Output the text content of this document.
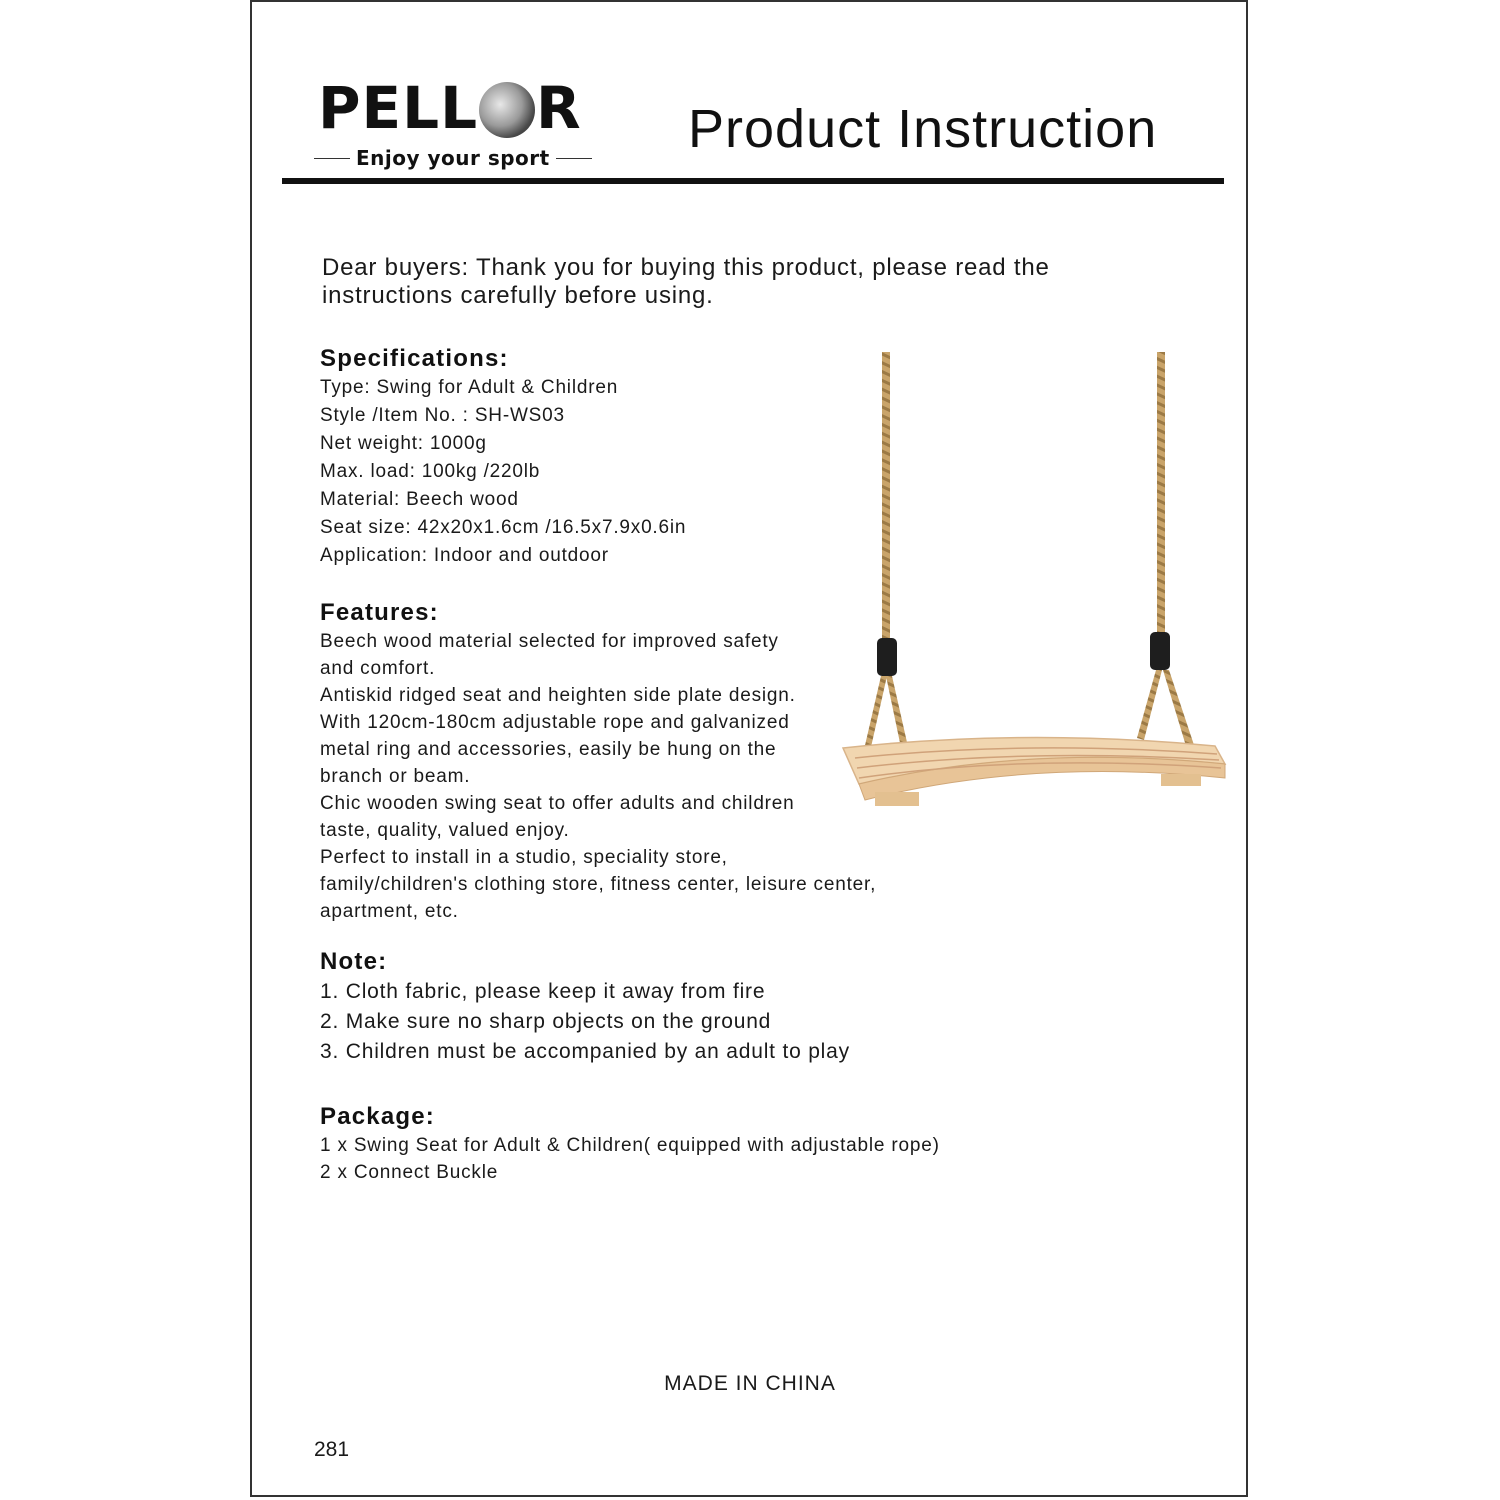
PELL R
Enjoy your sport	Product Instruction
Dear buyers: Thank you for buying this product, please read the instructions carefully before using.
Specifications:
Type: Swing for Adult & Children
Style /Item No. : SH-WS03
Net weight: 1000g
Max. load: 100kg /220lb
Material: Beech wood
Seat size: 42x20x1.6cm /16.5x7.9x0.6in
Application: Indoor and outdoor
Features:
Beech wood material selected for improved safety
and comfort.
Antiskid ridged seat and heighten side plate design.
With 120cm-180cm adjustable rope and galvanized
metal ring and accessories, easily be hung on the
branch or beam.
Chic wooden swing seat to offer adults and children
taste, quality, valued enjoy.
Perfect to install in a studio, speciality store,
family/children's clothing store, fitness center, leisure center,
apartment, etc.
Note:
1. Cloth fabric, please keep it away from fire
2. Make sure no sharp objects on the ground
3. Children must be accompanied by an adult to play
Package:
1 x Swing Seat for Adult & Children( equipped with adjustable rope)
2 x Connect Buckle
MADE IN CHINA
281
